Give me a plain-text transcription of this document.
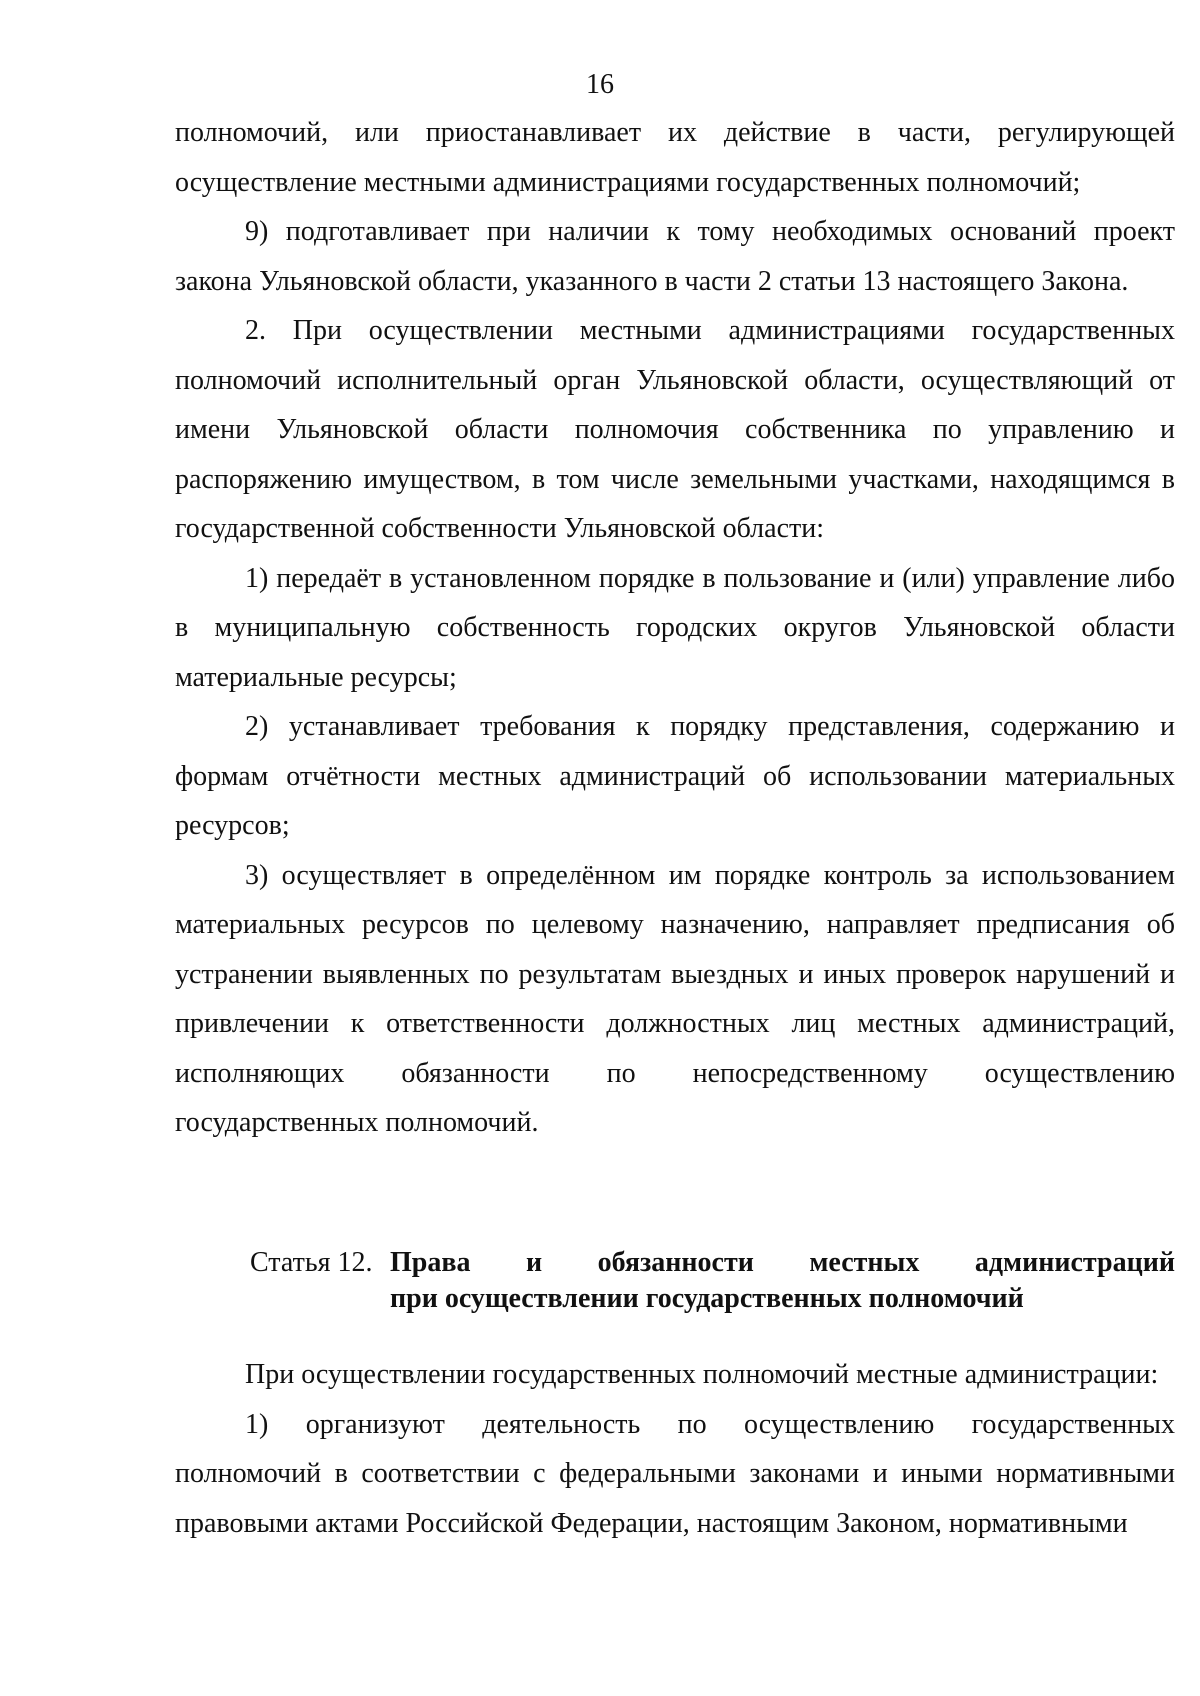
16

полномочий, или приостанавливает их действие в части, регулирующей осуществление местными администрациями государственных полномочий;

9) подготавливает при наличии к тому необходимых оснований проект закона Ульяновской области, указанного в части 2 статьи 13 настоящего Закона.

2. При осуществлении местными администрациями государственных полномочий исполнительный орган Ульяновской области, осуществляющий от имени Ульяновской области полномочия собственника по управлению и распоряжению имуществом, в том числе земельными участками, находящимся в государственной собственности Ульяновской области:

1) передаёт в установленном порядке в пользование и (или) управление либо в муниципальную собственность городских округов Ульяновской области материальные ресурсы;

2) устанавливает требования к порядку представления, содержанию и формам отчётности местных администраций об использовании материальных ресурсов;

3) осуществляет в определённом им порядке контроль за использованием материальных ресурсов по целевому назначению, направляет предписания об устранении выявленных по результатам выездных и иных проверок нарушений и привлечении к ответственности должностных лиц местных администраций, исполняющих обязанности по непосредственному осуществлению государственных полномочий.

Статья 12. Права и обязанности местных администраций
при осуществлении государственных полномочий

При осуществлении государственных полномочий местные администрации:

1) организуют деятельность по осуществлению государственных полномочий в соответствии с федеральными законами и иными нормативными правовыми актами Российской Федерации, настоящим Законом, нормативными
